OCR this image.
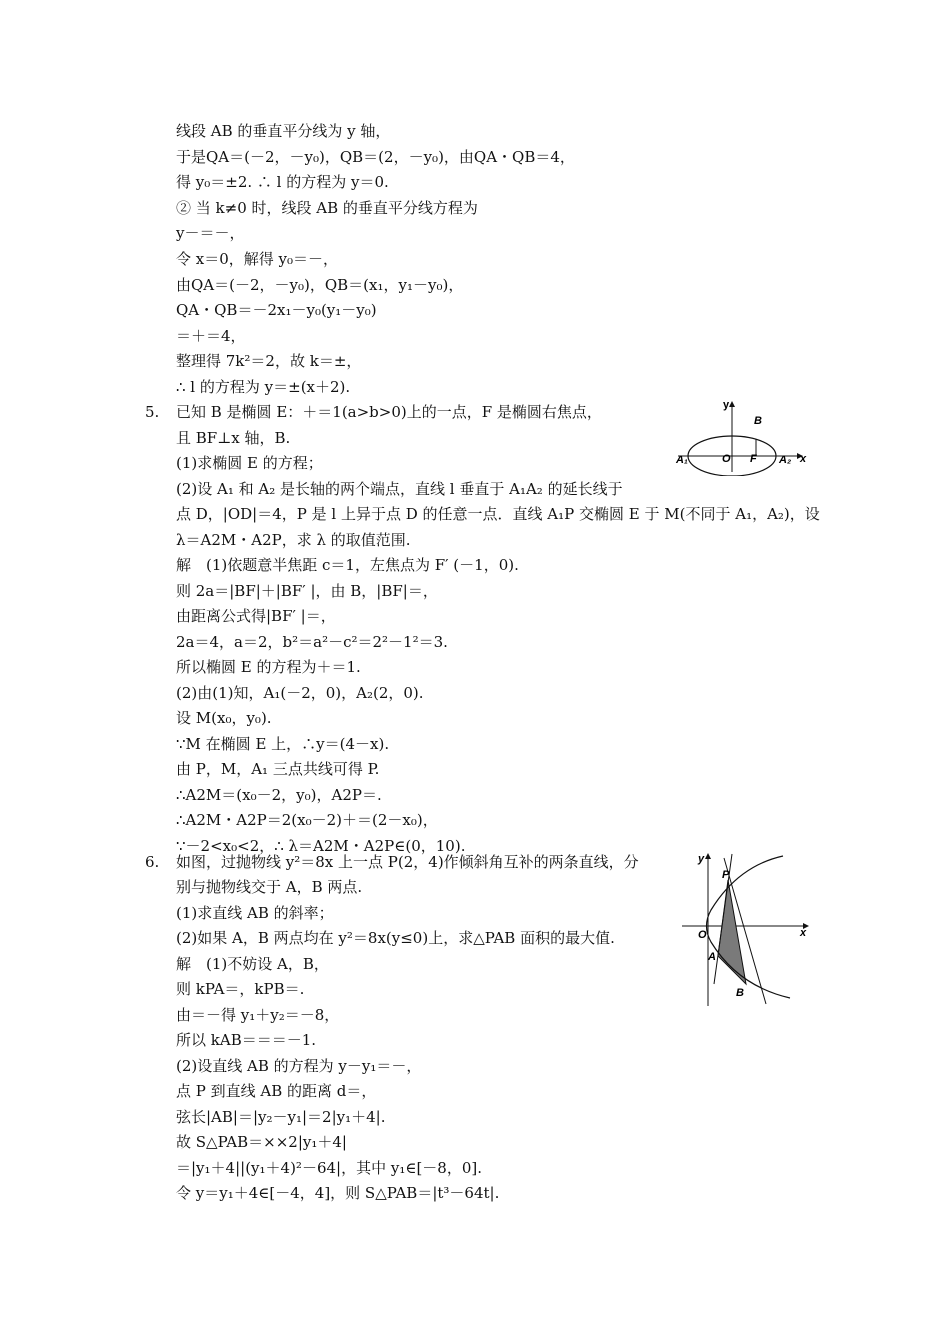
线段 AB 的垂直平分线为 y 轴，
于是QA＝(－2，－y₀)，QB＝(2，－y₀)，由QA・QB＝4，
得 y₀＝±2. ∴ l 的方程为 y＝0.
② 当 k≠0 时，线段 AB 的垂直平分线方程为
y－＝－，
令 x＝0，解得 y₀＝－，
由QA＝(－2，－y₀)，QB＝(x₁，y₁－y₀)，
QA・QB＝－2x₁－y₀(y₁－y₀)
＝＋＝4，
整理得 7k²＝2，故 k＝±，
∴ l 的方程为 y＝±(x＋2).
5. 已知 B 是椭圆 E：＋＝1(a>b>0)上的一点，F 是椭圆右焦点，
且 BF⊥x 轴，B.
(1)求椭圆 E 的方程；
(2)设 A₁ 和 A₂ 是长轴的两个端点，直线 l 垂直于 A₁A₂ 的延长线于
点 D，|OD|＝4，P 是 l 上异于点 D 的任意一点．直线 A₁P 交椭圆 E 于 M(不同于 A₁，A₂)，设
λ＝A2M・A2P，求 λ 的取值范围.
解　(1)依题意半焦距 c＝1，左焦点为 F′ (－1，0).
则 2a＝|BF|＋|BF′ |，由 B，|BF|＝，
由距离公式得|BF′ |＝，
2a＝4，a＝2，b²＝a²－c²＝2²－1²＝3.
所以椭圆 E 的方程为＋＝1.
(2)由(1)知，A₁(－2，0)，A₂(2，0).
设 M(x₀，y₀).
∵M 在椭圆 E 上，∴y＝(4－x).
由 P，M，A₁ 三点共线可得 P.
∴A2M＝(x₀－2，y₀)，A2P＝.
∴A2M・A2P＝2(x₀－2)＋＝(2－x₀)，
∵－2<x₀<2，∴ λ＝A2M・A2P∈(0，10).
y
x
B
A₁	O F A₂
6. 如图，过抛物线 y²＝8x 上一点 P(2，4)作倾斜角互补的两条直线，分
别与抛物线交于 A，B 两点.
(1)求直线 AB 的斜率；
(2)如果 A，B 两点均在 y²＝8x(y≤0)上，求△PAB 面积的最大值.
解　(1)不妨设 A，B，
则 kPA＝，kPB＝.
由＝－得 y₁＋y₂＝－8，
所以 kAB＝＝＝－1.
(2)设直线 AB 的方程为 y－y₁＝－，
点 P 到直线 AB 的距离 d＝，
弦长|AB|＝|y₂－y₁|＝2|y₁＋4|.
故 S△PAB＝××2|y₁＋4|
＝|y₁＋4||(y₁＋4)²－64|，其中 y₁∈[－8，0].
令 y＝y₁＋4∈[－4，4]，则 S△PAB＝|t³－64t|.
y
x
P
O
A
B
